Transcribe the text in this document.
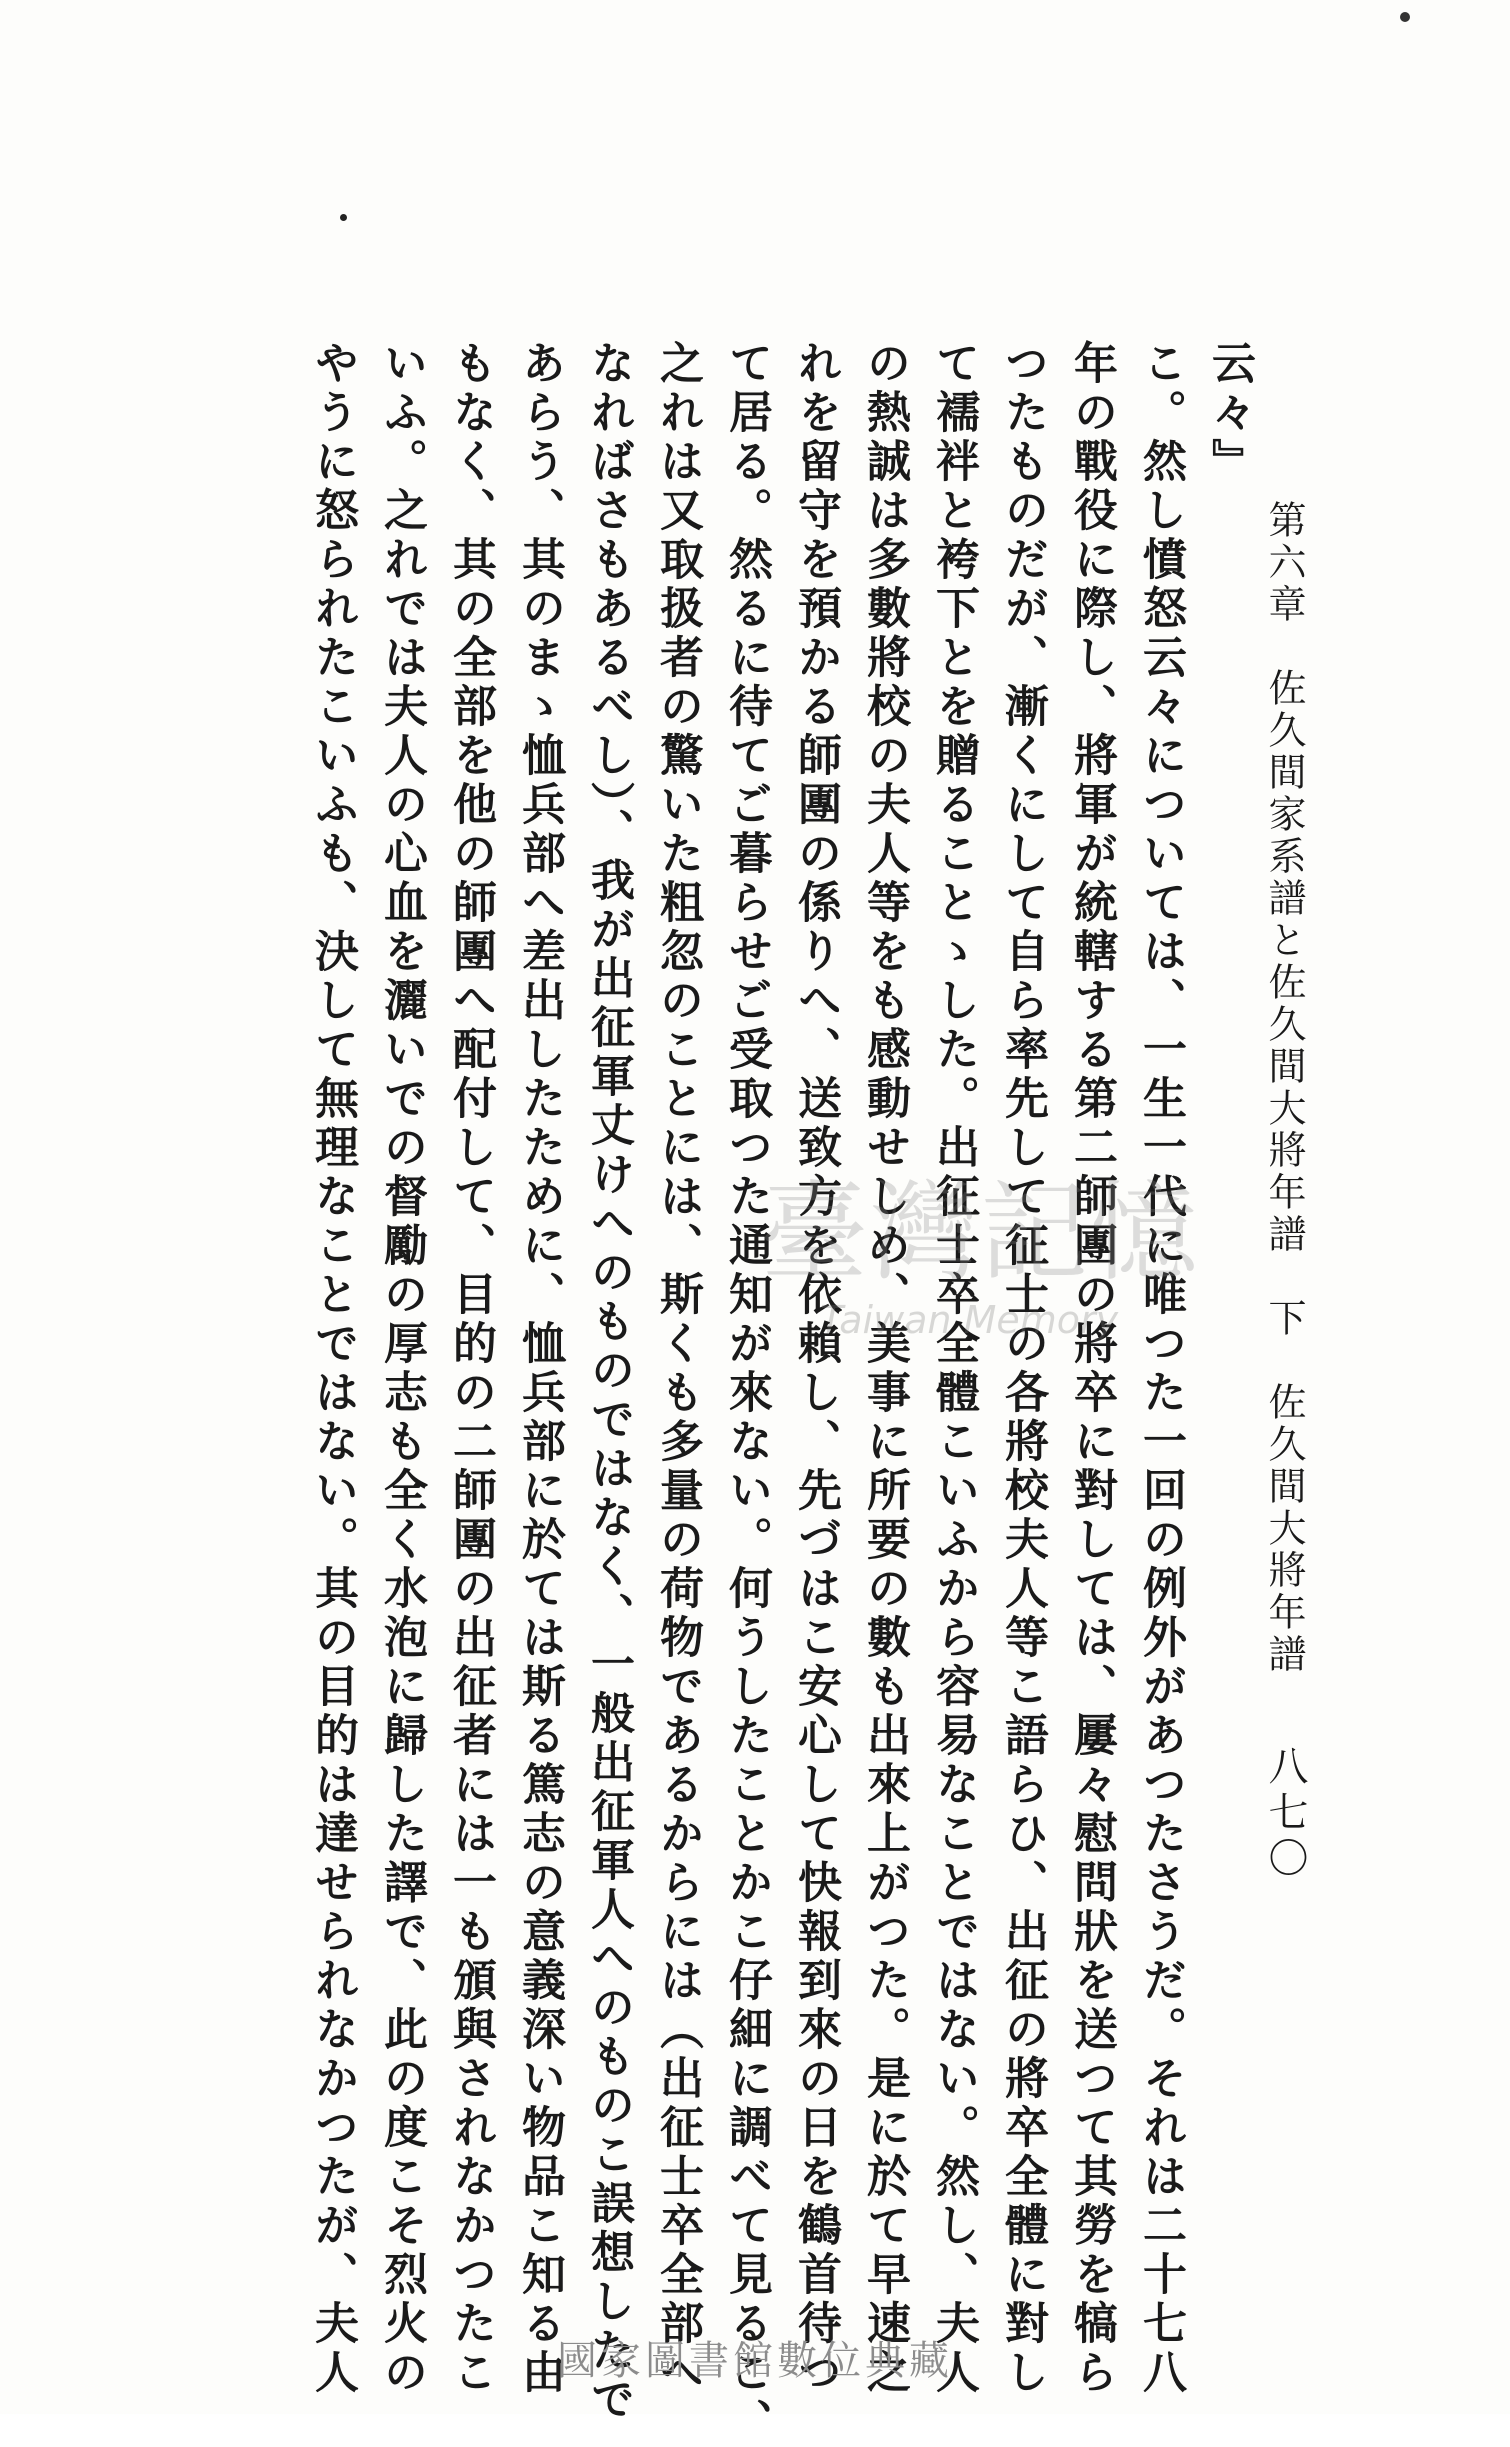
第六章　佐久間家系譜と佐久間大將年譜　下　佐久間大將年譜
八七〇
云々』
こ。然し憤怒云々については、一生一代に唯つた一回の例外があつたさうだ。それは二十七八
年の戰役に際し、將軍が統轄する第二師團の將卒に對しては、屢々慰問狀を送つて其勞を犒ら
つたものだが、漸くにして自ら率先して征士の各將校夫人等こ語らひ、出征の將卒全體に對し
て襦袢と袴下とを贈ることゝした。出征士卒全體こいふから容易なことではない。然し、夫人
の熱誠は多數將校の夫人等をも感動せしめ、美事に所要の數も出來上がつた。是に於て早速之
れを留守を預かる師團の係りへ、送致方を依賴し、先づはこ安心して快報到來の日を鶴首待つ
て居る。然るに待てご暮らせご受取つた通知が來ない。何うしたことかこ仔細に調べて見るこ、
之れは又取扱者の驚いた粗忽のことには、斯くも多量の荷物であるからには（出征士卒全部へ
なればさもあるべし）、我が出征軍丈けへのものではなく、一般出征軍人へのものこ誤想したで
あらう、其のまゝ恤兵部へ差出したために、恤兵部に於ては斯る篤志の意義深い物品こ知る由
もなく、其の全部を他の師團へ配付して、目的の二師團の出征者には一も頒與されなかつたこ
いふ。之れでは夫人の心血を灑いでの督勵の厚志も全く水泡に歸した譯で、此の度こそ烈火の
やうに怒られたこいふも、決して無理なことではない。其の目的は達せられなかつたが、夫人	臺灣記憶
Taiwan Memory
國家圖書館數位典藏
